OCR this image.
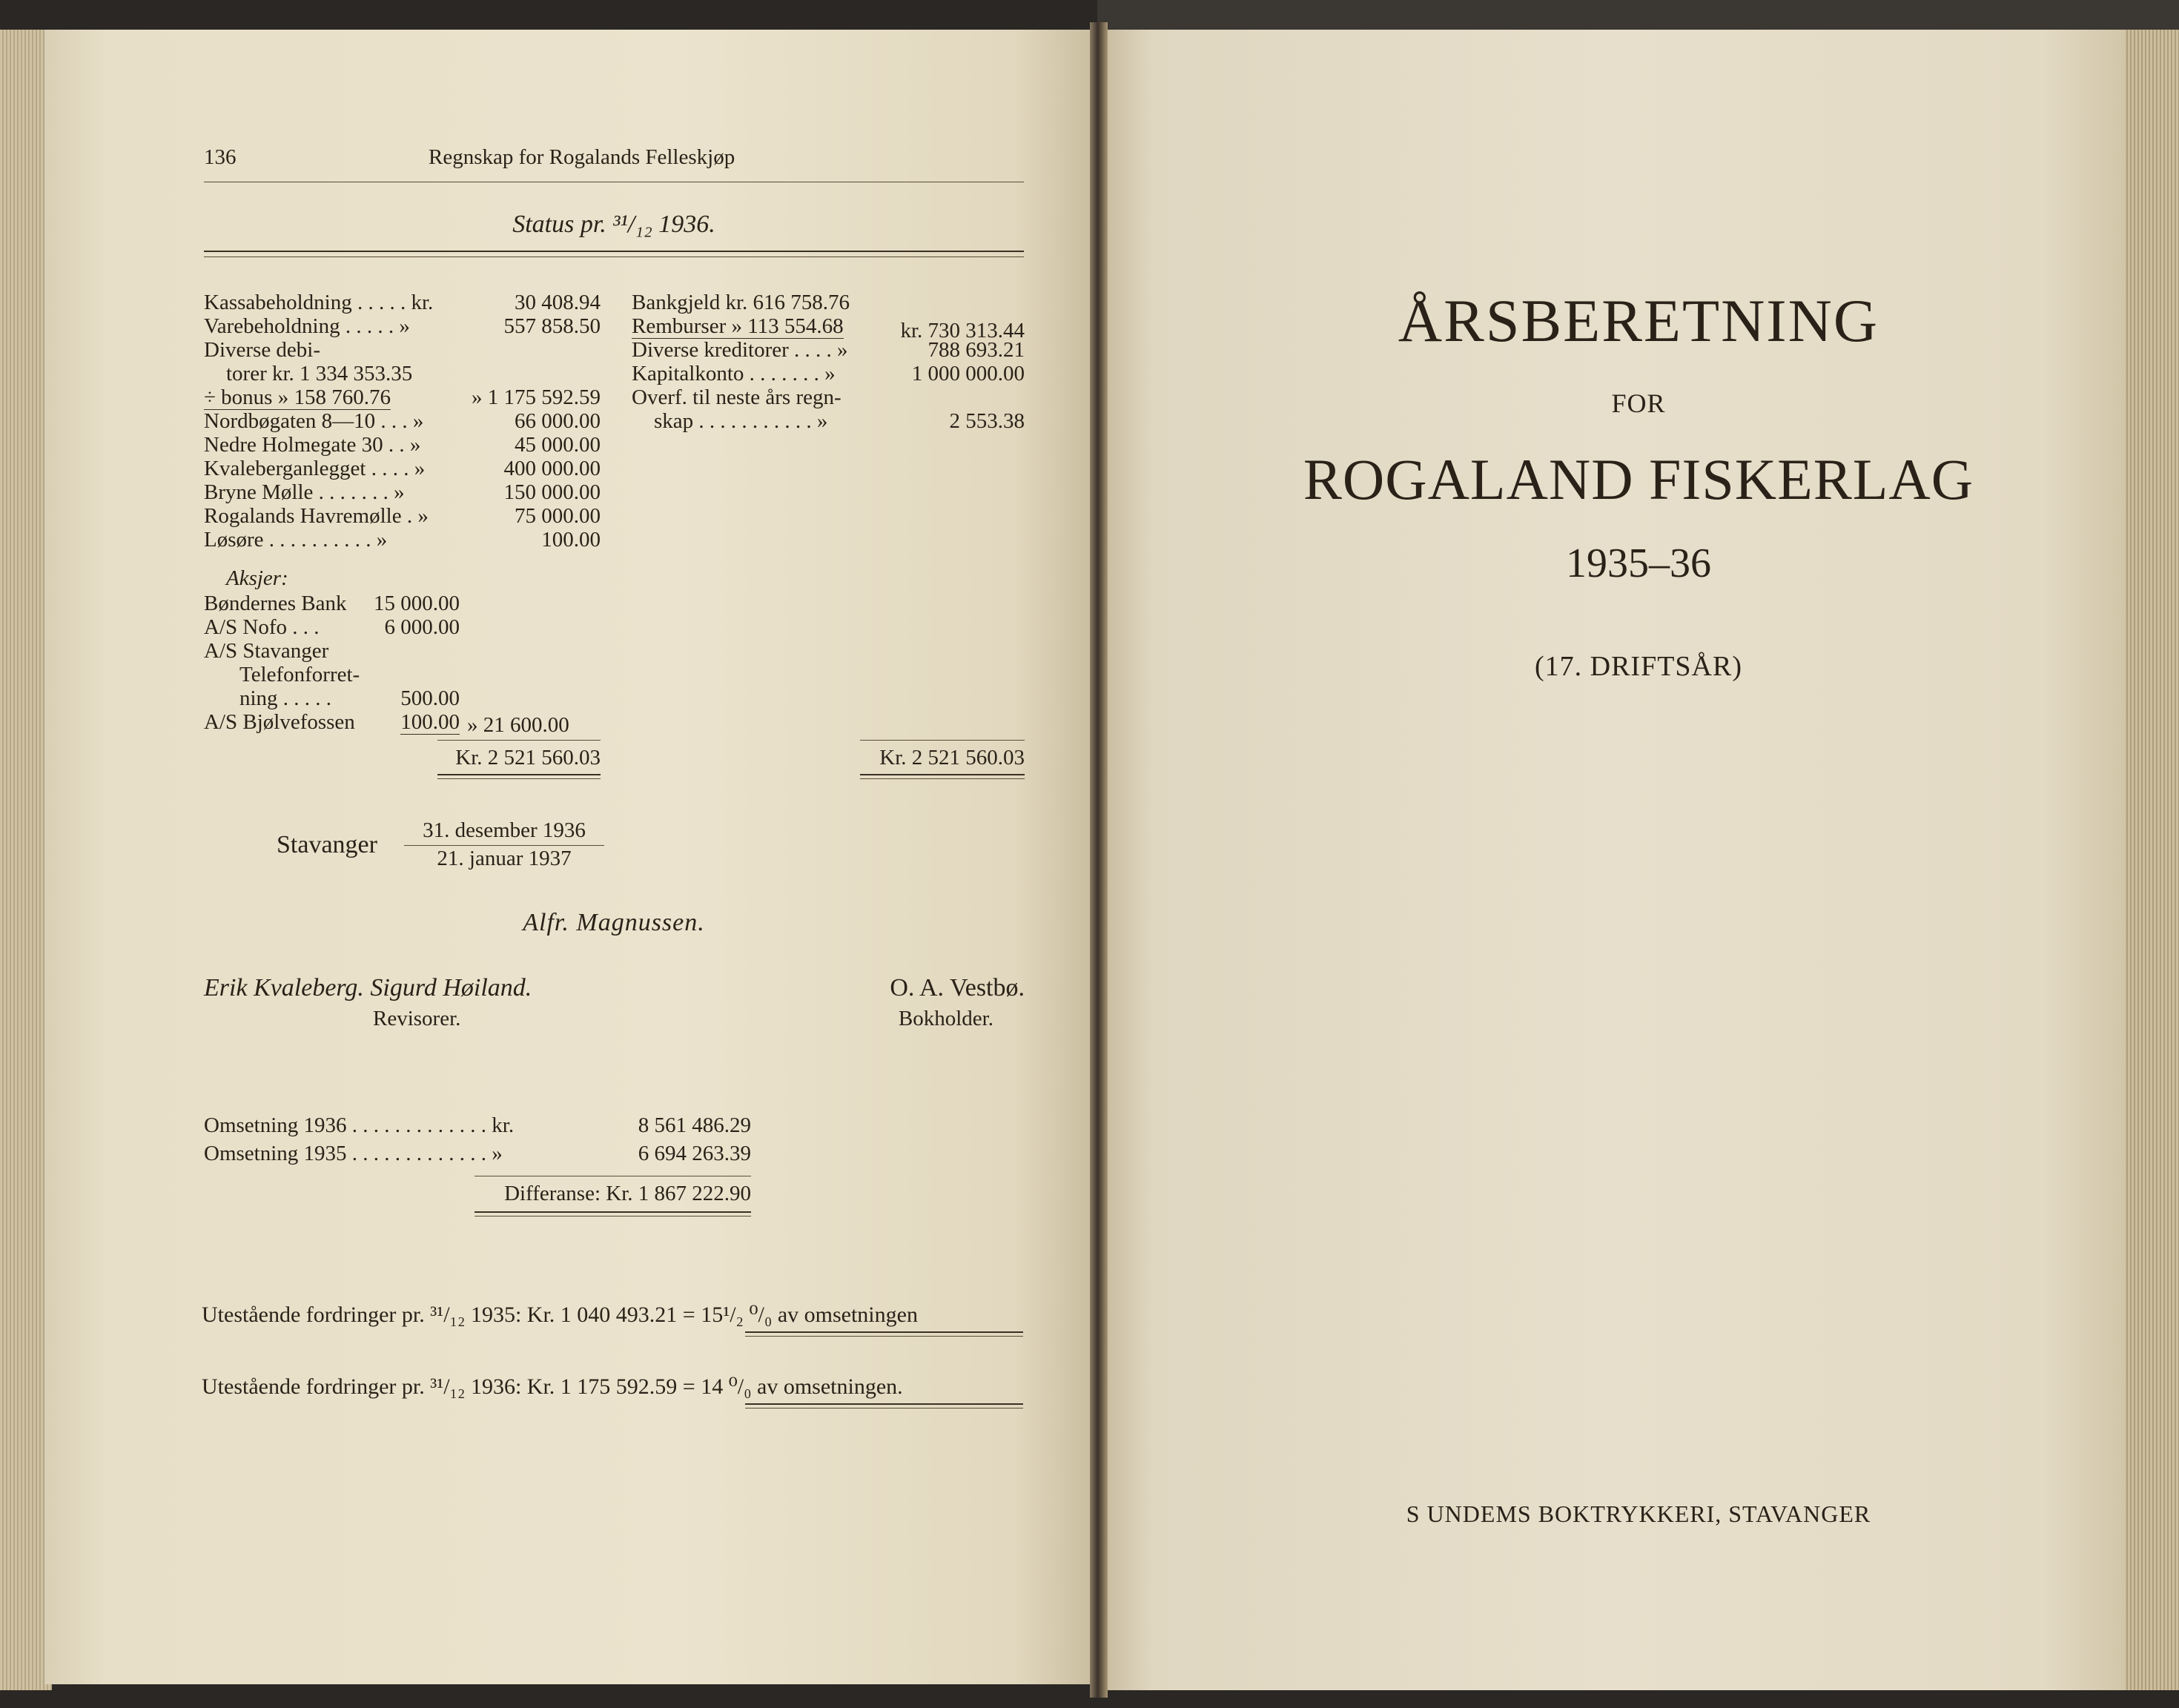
136	Regnskap for Rogalands Felleskjøp
Status pr. ³¹/₁₂ 1936.
Kassabeholdning . . . . . kr.	30 408.94
Varebeholdning . . . . . »	557 858.50
Diverse debi-
torer kr. 1 334 353.35
÷ bonus » 158 760.76	» 1 175 592.59
Nordbøgaten 8—10 . . . »	66 000.00
Nedre Holmegate 30 . . »	45 000.00
Kvaleberganlegget . . . . »	400 000.00
Bryne Mølle . . . . . . . »	150 000.00
Rogalands Havremølle . »	75 000.00
Løsøre . . . . . . . . . . »	100.00
Aksjer:
Bøndernes Bank 15 000.00
A/S Nofo . . .	6 000.00
A/S Stavanger
Telefonforret-
ning . . . . .	500.00
A/S Bjølvefossen 100.00 » 21 600.00
Kr. 2 521 560.03
Bankgjeld kr. 616 758.76
Remburser » 113 554.68	kr. 730 313.44
Diverse kreditorer . . . . »	788 693.21
Kapitalkonto . . . . . . . »	1 000 000.00
Overf. til neste års regn-
skap . . . . . . . . . . . »	2 553.38
Kr. 2 521 560.03
Stavanger
31. desember 1936
21. januar 1937
Alfr. Magnussen.
Erik Kvaleberg. Sigurd Høiland.
Revisorer.
O. A. Vestbø.
Bokholder.
Omsetning 1936 . . . . . . . . . . . . . kr.	8 561 486.29
Omsetning 1935 . . . . . . . . . . . . . »	6 694 263.39
Differanse: Kr. 1 867 222.90
Utestående fordringer pr. ³¹/₁₂ 1935: Kr. 1 040 493.21 = 15¹/₂ ⁰/₀ av omsetningen
Utestående fordringer pr. ³¹/₁₂ 1936: Kr. 1 175 592.59 = 14 ⁰/₀ av omsetningen.
ÅRSBERETNING
FOR
ROGALAND FISKERLAG
1935–36
(17. DRIFTSÅR)
S UNDEMS BOKTRYKKERI, STAVANGER
